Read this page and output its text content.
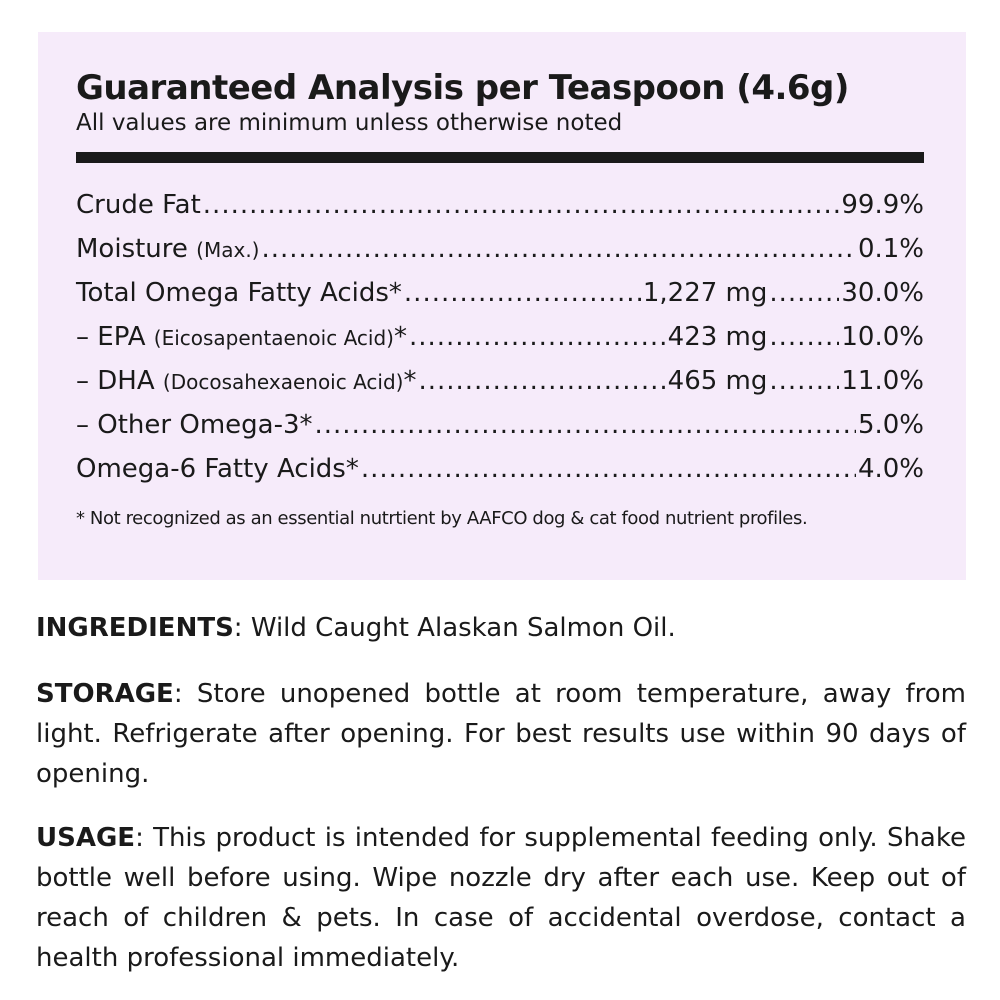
Guaranteed Analysis per Teaspoon (4.6g)

All values are minimum unless otherwise noted

Crude Fat .....	99.9%
Moisture (Max.) .....	0.1%
Total Omega Fatty Acids* .....	1,227 mg .....	30.0%
– EPA (Eicosapentaenoic Acid)* .....	423 mg .....	10.0%
– DHA (Docosahexaenoic Acid)* .....	465 mg .....	11.0%
– Other Omega-3* .....	5.0%
Omega-6 Fatty Acids* .....	4.0%
* Not recognized as an essential nutrtient by AAFCO dog & cat food nutrient profiles.

INGREDIENTS: Wild Caught Alaskan Salmon Oil.

STORAGE: Store unopened bottle at room temperature, away from light. Refrigerate after opening. For best results use within 90 days of opening.

USAGE: This product is intended for supplemental feeding only. Shake bottle well before using. Wipe nozzle dry after each use. Keep out of reach of children & pets. In case of accidental overdose, contact a health professional immediately.
